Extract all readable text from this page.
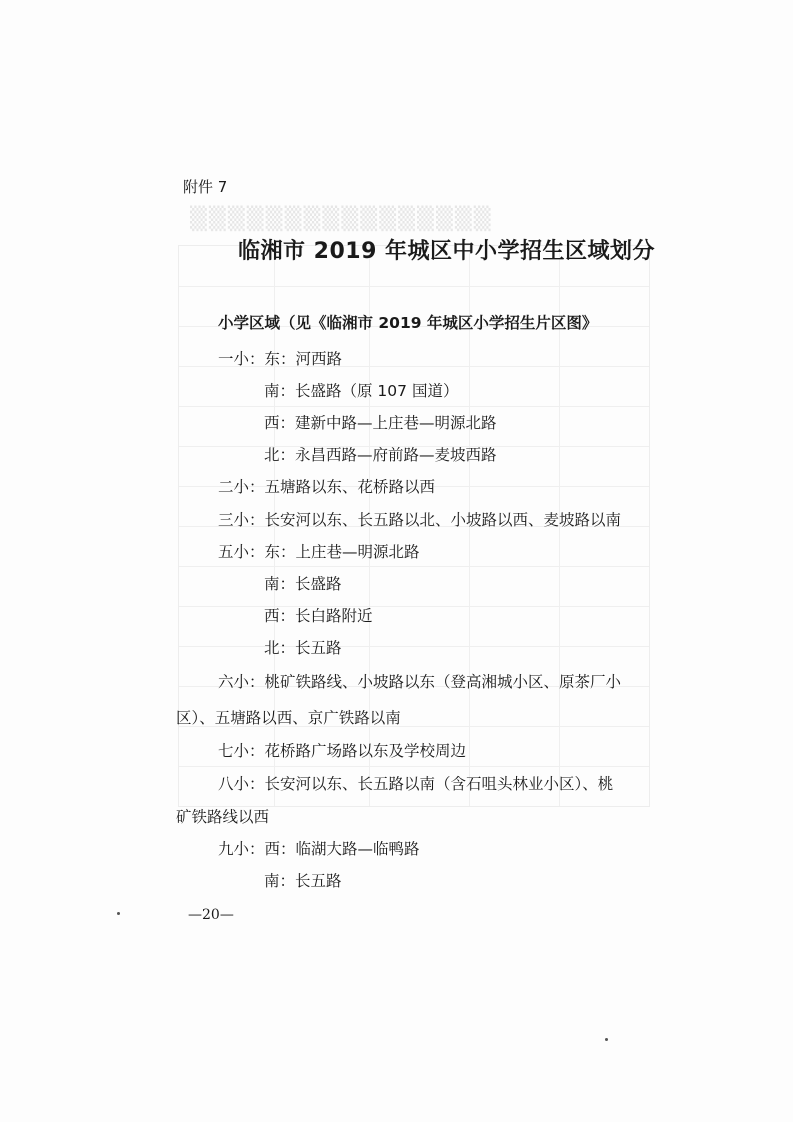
▒▒▒▒▒▒▒▒▒▒▒▒▒▒▒▒
附件 7
临湘市 2019 年城区中小学招生区域划分
小学区域（见《临湘市 2019 年城区小学招生片区图》
一小：东：河西路
南：长盛路（原 107 国道）
西：建新中路—上庄巷—明源北路
北：永昌西路—府前路—麦坡西路
二小：五塘路以东、花桥路以西
三小：长安河以东、长五路以北、小坡路以西、麦坡路以南
五小：东：上庄巷—明源北路
南：长盛路
西：长白路附近
北：长五路
六小：桃矿铁路线、小坡路以东（登高湘城小区、原茶厂小
区）、五塘路以西、京广铁路以南
七小：花桥路广场路以东及学校周边
八小：长安河以东、长五路以南（含石咀头林业小区）、桃
矿铁路线以西
九小：西：临湖大路—临鸭路
南：长五路
—20—
